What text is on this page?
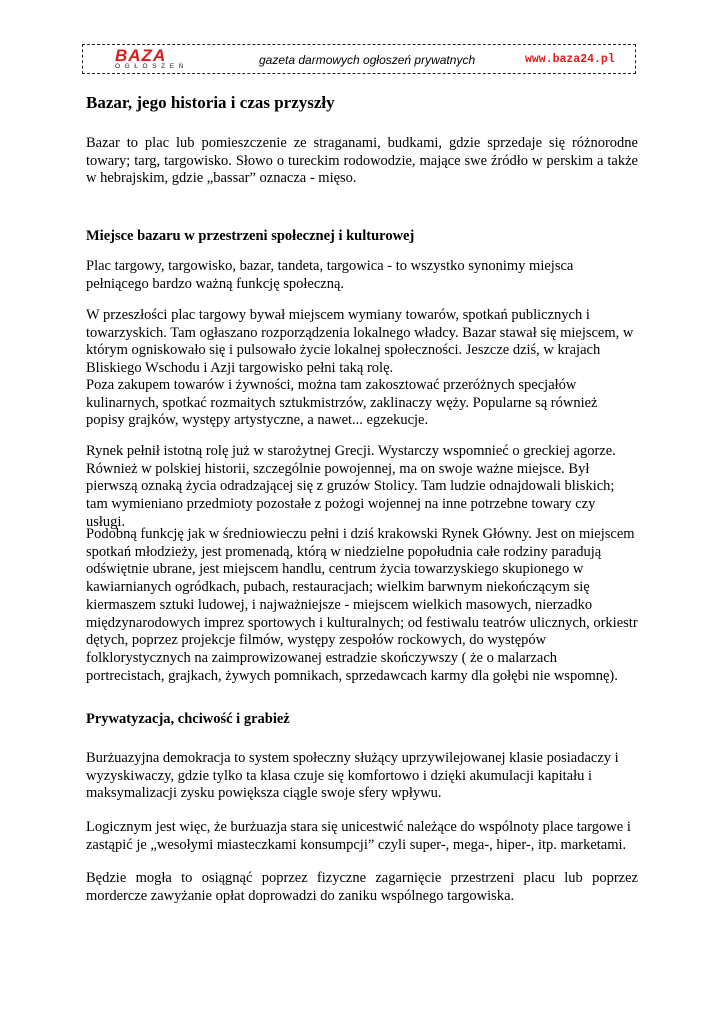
BAZA
OGŁOSZEŃ	gazeta darmowych ogłoszeń prywatnych	www.baza24.pl
Bazar, jego historia i czas przyszły

Bazar to plac lub pomieszczenie ze straganami, budkami, gdzie sprzedaje się różnorodne towary; targ, targowisko. Słowo o tureckim rodowodzie, mające swe źródło w perskim a także w hebrajskim, gdzie „bassar” oznacza - mięso.

Miejsce bazaru w przestrzeni społecznej i kulturowej

Plac targowy, targowisko, bazar, tandeta, targowica - to wszystko synonimy miejsca pełniącego bardzo ważną funkcję społeczną.

W przeszłości plac targowy bywał miejscem wymiany towarów, spotkań publicznych i towarzyskich. Tam ogłaszano rozporządzenia lokalnego władcy. Bazar stawał się miejscem, w którym ogniskowało się i pulsowało życie lokalnej społeczności. Jeszcze dziś, w krajach Bliskiego Wschodu i Azji targowisko pełni taką rolę.

Poza zakupem towarów i żywności, można tam zakosztować przeróżnych specjałów kulinarnych, spotkać rozmaitych sztukmistrzów, zaklinaczy węży. Popularne są również popisy grajków, występy artystyczne, a nawet... egzekucje.

Rynek pełnił istotną rolę już w starożytnej Grecji. Wystarczy wspomnieć o greckiej agorze. Również w polskiej historii, szczególnie powojennej, ma on swoje ważne miejsce. Był pierwszą oznaką życia odradzającej się z gruzów Stolicy. Tam ludzie odnajdowali bliskich; tam wymieniano przedmioty pozostałe z pożogi wojennej na inne potrzebne towary czy usługi.

Podobną funkcję jak w średniowieczu pełni i dziś krakowski Rynek Główny. Jest on miejscem spotkań młodzieży, jest promenadą, którą w niedzielne popołudnia całe rodziny paradują odświętnie ubrane, jest miejscem handlu, centrum życia towarzyskiego skupionego w kawiarnianych ogródkach, pubach, restauracjach; wielkim barwnym niekończącym się kiermaszem sztuki ludowej, i najważniejsze - miejscem wielkich masowych, nierzadko międzynarodowych imprez sportowych i kulturalnych; od festiwalu teatrów ulicznych, orkiestr dętych, poprzez projekcje filmów, występy zespołów rockowych, do występów folklorystycznych na zaimprowizowanej estradzie skończywszy ( że o malarzach portrecistach, grajkach, żywych pomnikach, sprzedawcach karmy dla gołębi nie wspomnę).

Prywatyzacja, chciwość i grabież

Burżuazyjna demokracja to system społeczny służący uprzywilejowanej klasie posiadaczy i wyzyskiwaczy, gdzie tylko ta klasa czuje się komfortowo i dzięki akumulacji kapitału i maksymalizacji zysku powiększa ciągle swoje sfery wpływu.

Logicznym jest więc, że burżuazja stara się unicestwić należące do wspólnoty place targowe i zastąpić je „wesołymi miasteczkami konsumpcji” czyli super-, mega-, hiper-, itp. marketami.

Będzie mogła to osiągnąć poprzez fizyczne zagarnięcie przestrzeni placu lub poprzez mordercze zawyżanie opłat doprowadzi do zaniku wspólnego targowiska.
